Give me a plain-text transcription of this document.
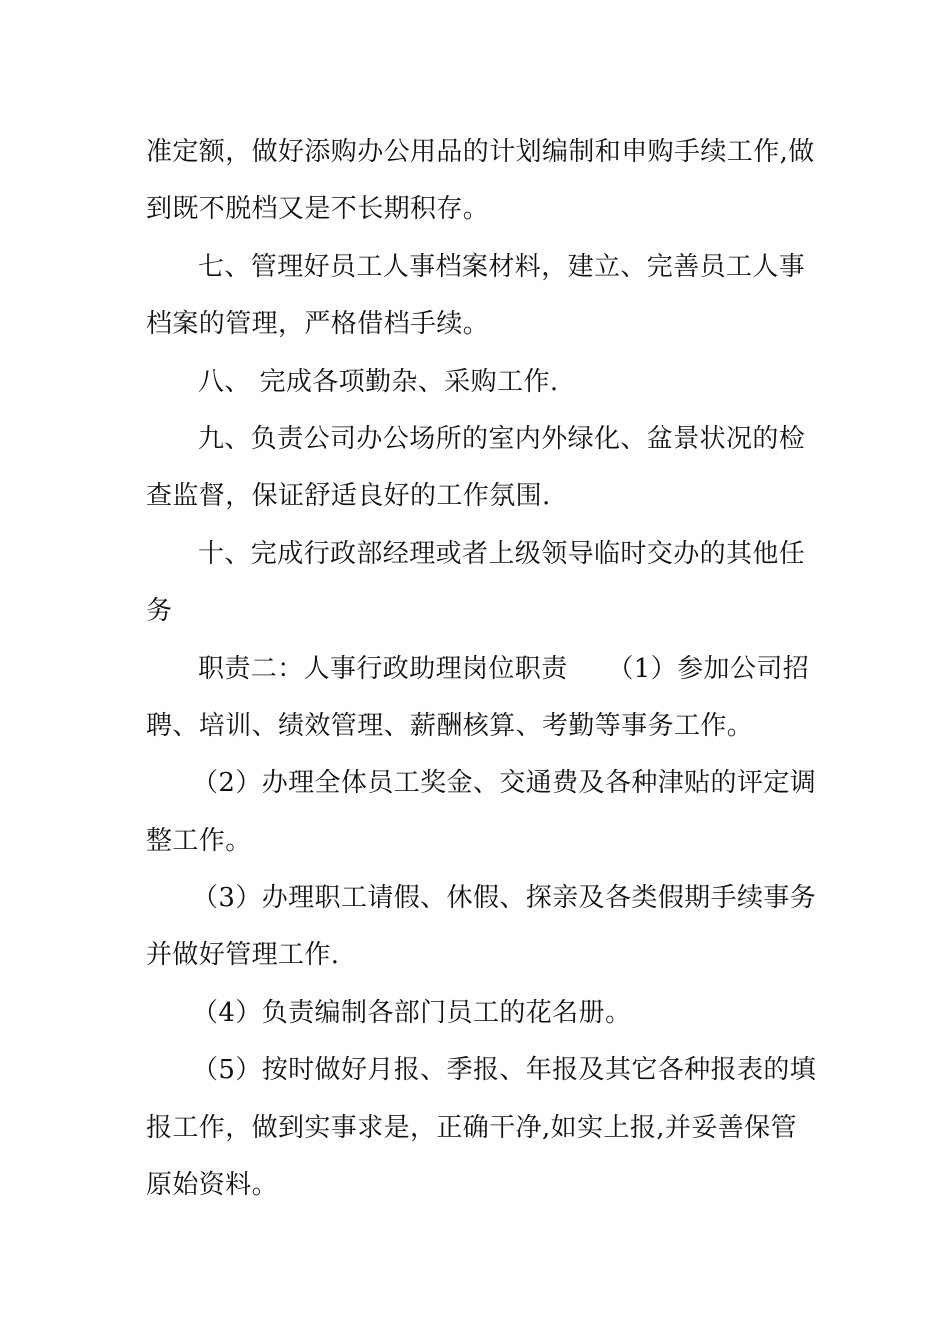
准定额，做好添购办公用品的计划编制和申购手续工作,做
到既不脱档又是不长期积存。
七、管理好员工人事档案材料，建立、完善员工人事
档案的管理，严格借档手续。
八、 完成各项勤杂、采购工作.
九、负责公司办公场所的室内外绿化、盆景状况的检
查监督，保证舒适良好的工作氛围.
十、完成行政部经理或者上级领导临时交办的其他任
务
职责二：人事行政助理岗位职责　　（1）参加公司招
聘、培训、绩效管理、薪酬核算、考勤等事务工作。
（2）办理全体员工奖金、交通费及各种津贴的评定调
整工作。
（3）办理职工请假、休假、探亲及各类假期手续事务
并做好管理工作.
（4）负责编制各部门员工的花名册。
（5）按时做好月报、季报、年报及其它各种报表的填
报工作，做到实事求是，正确干净,如实上报,并妥善保管
原始资料。
